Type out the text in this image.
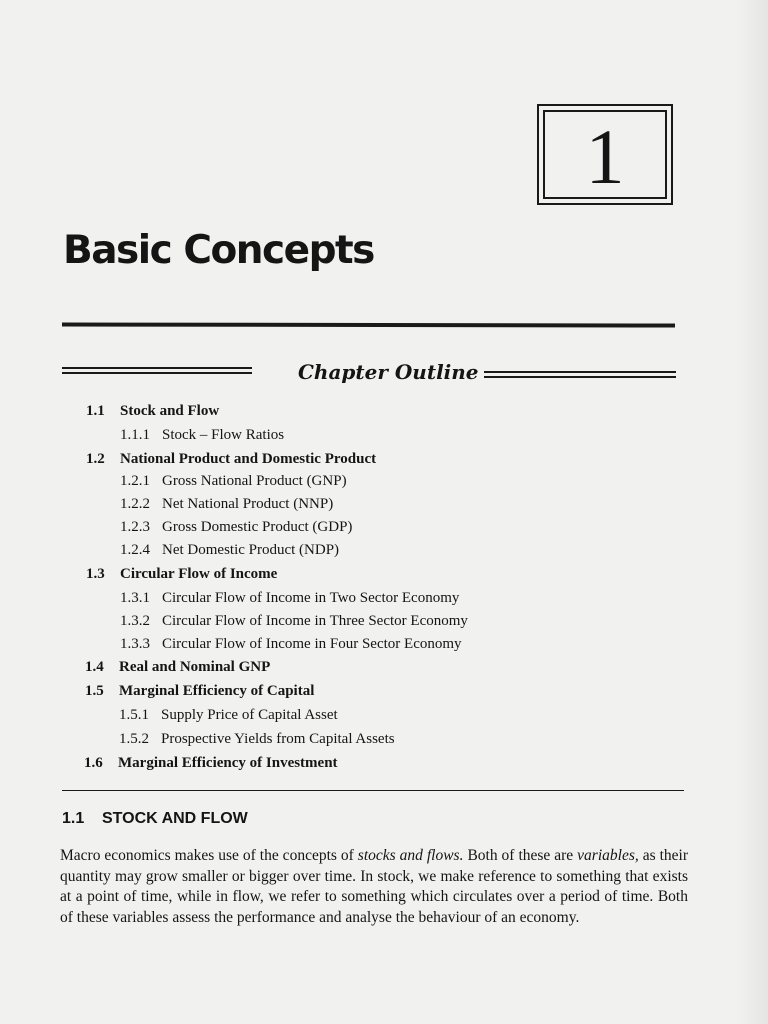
1
Basic Concepts
Chapter Outline
1.1 Stock and Flow
1.1.1 Stock – Flow Ratios
1.2 National Product and Domestic Product
1.2.1 Gross National Product (GNP)
1.2.2 Net National Product (NNP)
1.2.3 Gross Domestic Product (GDP)
1.2.4 Net Domestic Product (NDP)
1.3 Circular Flow of Income
1.3.1 Circular Flow of Income in Two Sector Economy
1.3.2 Circular Flow of Income in Three Sector Economy
1.3.3 Circular Flow of Income in Four Sector Economy
1.4 Real and Nominal GNP
1.5 Marginal Efficiency of Capital
1.5.1 Supply Price of Capital Asset
1.5.2 Prospective Yields from Capital Assets
1.6 Marginal Efficiency of Investment
1.1 STOCK AND FLOW

Macro economics makes use of the concepts of stocks and flows. Both of these are variables, as their quantity may grow smaller or bigger over time. In stock, we make reference to something that exists at a point of time, while in flow, we refer to something which circulates over a period of time. Both of these variables assess the performance and analyse the behaviour of an economy.
